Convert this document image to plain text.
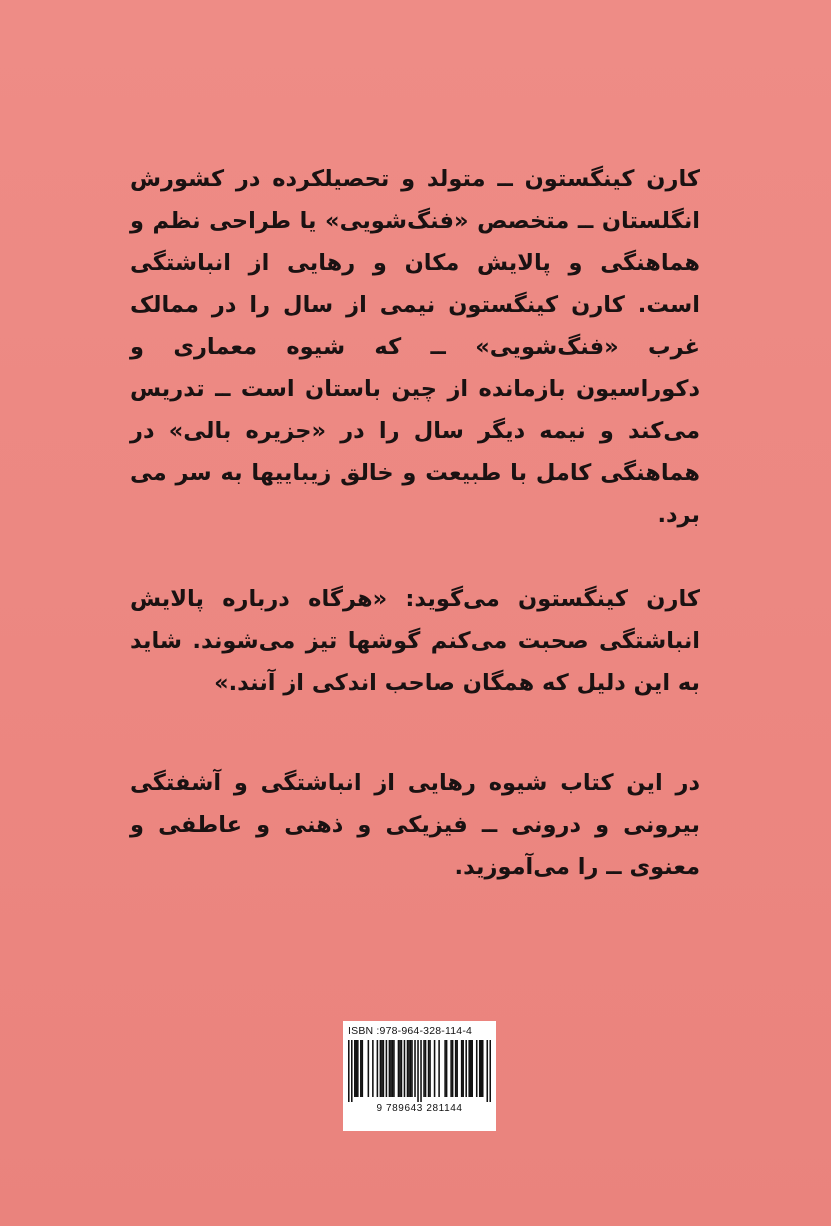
کارن کینگستون ــ متولد و تحصیلکرده در کشورش انگلستان ــ متخصص «فنگ‌شویی» یا طراحی نظم و هماهنگی و پالایش مکان و رهایی از انباشتگی است. کارن کینگستون نیمی از سال را در ممالک غرب «فنگ‌شویی» ــ که شیوه معماری و دکوراسیون بازمانده از چین باستان است ــ تدریس می‌کند و نیمه دیگر سال را در «جزیره بالی» در هماهنگی کامل با طبیعت و خالق زیباییها به سر می برد.

کارن کینگستون می‌گوید: «هرگاه درباره پالایش انباشتگی صحبت می‌کنم گوشها تیز می‌شوند. شاید به این دلیل که همگان صاحب اندکی از آنند.»

در این کتاب شیوه رهایی از انباشتگی و آشفتگی بیرونی و درونی ــ فیزیکی و ذهنی و عاطفی و معنوی ــ را می‌آموزید.

ISBN :978-964-328-114-4
9 789643 281144
